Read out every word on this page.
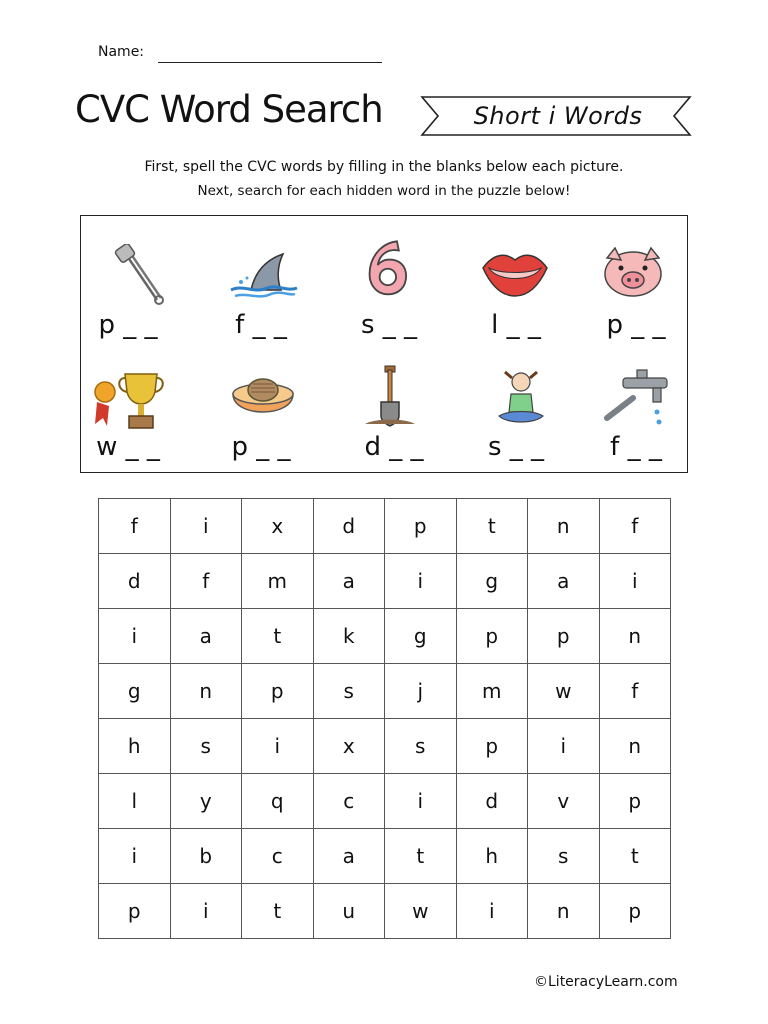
Name:
CVC Word Search	Short i Words
First, spell the CVC words by filling in the blanks below each picture.
Next, search for each hidden word in the puzzle below!
p _ _	f _ _	s _ _	l _ _	p _ _
w _ _	p _ _	d _ _	s _ _	f _ _
f	i	x	d	p	t	n	f
d	f	m	a	i	g	a	i
i	a	t	k	g	p	p	n
g	n	p	s	j	m	w	f
h	s	i	x	s	p	i	n
l	y	q	c	i	d	v	p
i	b	c	a	t	h	s	t
p	i	t	u	w	i	n	p
©LiteracyLearn.com
